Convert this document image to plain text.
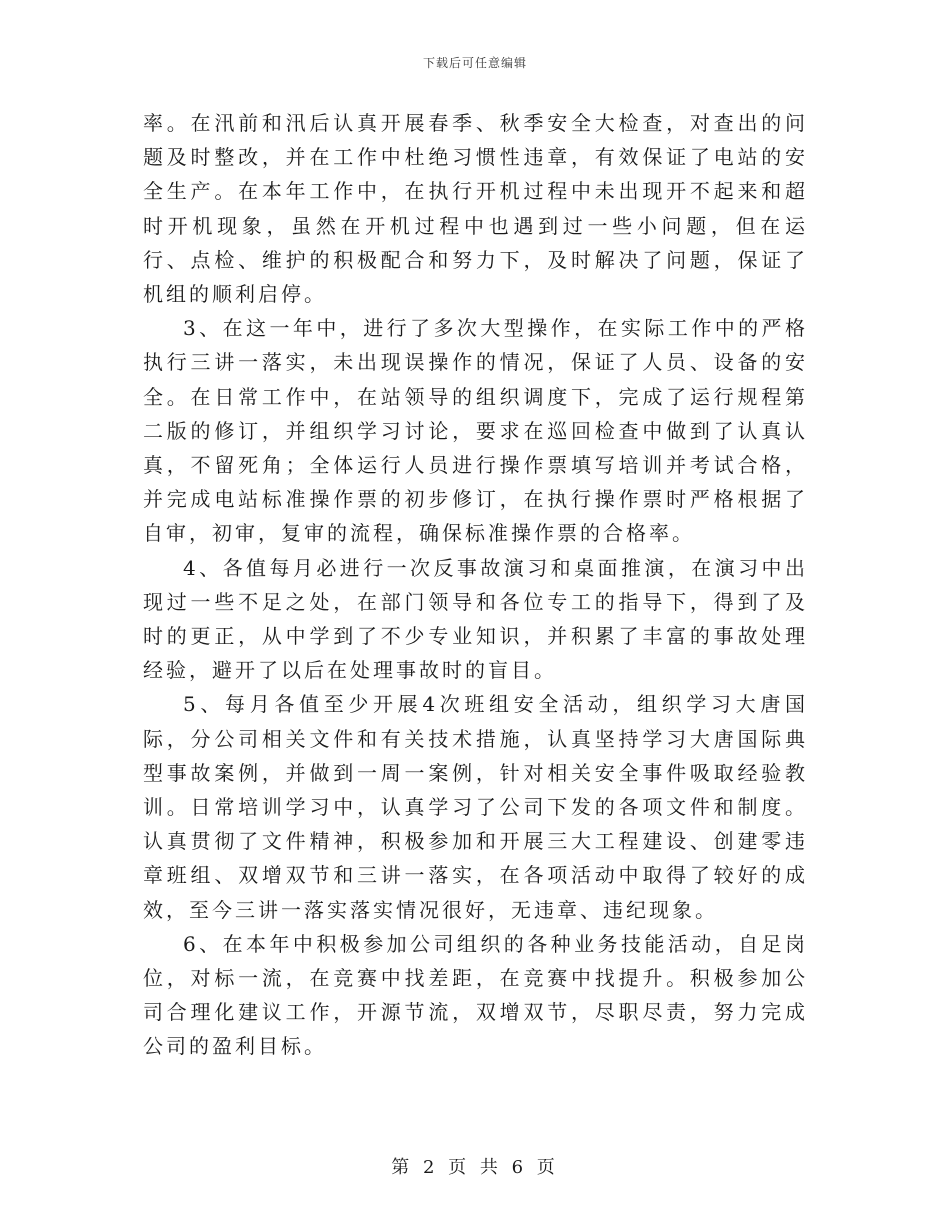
下载后可任意编辑

率。在汛前和汛后认真开展春季、秋季安全大检查，对查出的问题及时整改，并在工作中杜绝习惯性违章，有效保证了电站的安全生产。在本年工作中，在执行开机过程中未出现开不起来和超时开机现象，虽然在开机过程中也遇到过一些小问题，但在运行、点检、维护的积极配合和努力下，及时解决了问题，保证了机组的顺利启停。

3、在这一年中，进行了多次大型操作，在实际工作中的严格执行三讲一落实，未出现误操作的情况，保证了人员、设备的安全。在日常工作中，在站领导的组织调度下，完成了运行规程第二版的修订，并组织学习讨论，要求在巡回检查中做到了认真认真，不留死角；全体运行人员进行操作票填写培训并考试合格，并完成电站标准操作票的初步修订，在执行操作票时严格根据了自审，初审，复审的流程，确保标准操作票的合格率。

4、各值每月必进行一次反事故演习和桌面推演，在演习中出现过一些不足之处，在部门领导和各位专工的指导下，得到了及时的更正，从中学到了不少专业知识，并积累了丰富的事故处理经验，避开了以后在处理事故时的盲目。

5、每月各值至少开展4次班组安全活动，组织学习大唐国际，分公司相关文件和有关技术措施，认真坚持学习大唐国际典型事故案例，并做到一周一案例，针对相关安全事件吸取经验教训。日常培训学习中，认真学习了公司下发的各项文件和制度。认真贯彻了文件精神，积极参加和开展三大工程建设、创建零违章班组、双增双节和三讲一落实，在各项活动中取得了较好的成效，至今三讲一落实落实情况很好，无违章、违纪现象。

6、在本年中积极参加公司组织的各种业务技能活动，自足岗位，对标一流，在竞赛中找差距，在竞赛中找提升。积极参加公司合理化建议工作，开源节流，双增双节，尽职尽责，努力完成公司的盈利目标。

第 2 页 共 6 页
